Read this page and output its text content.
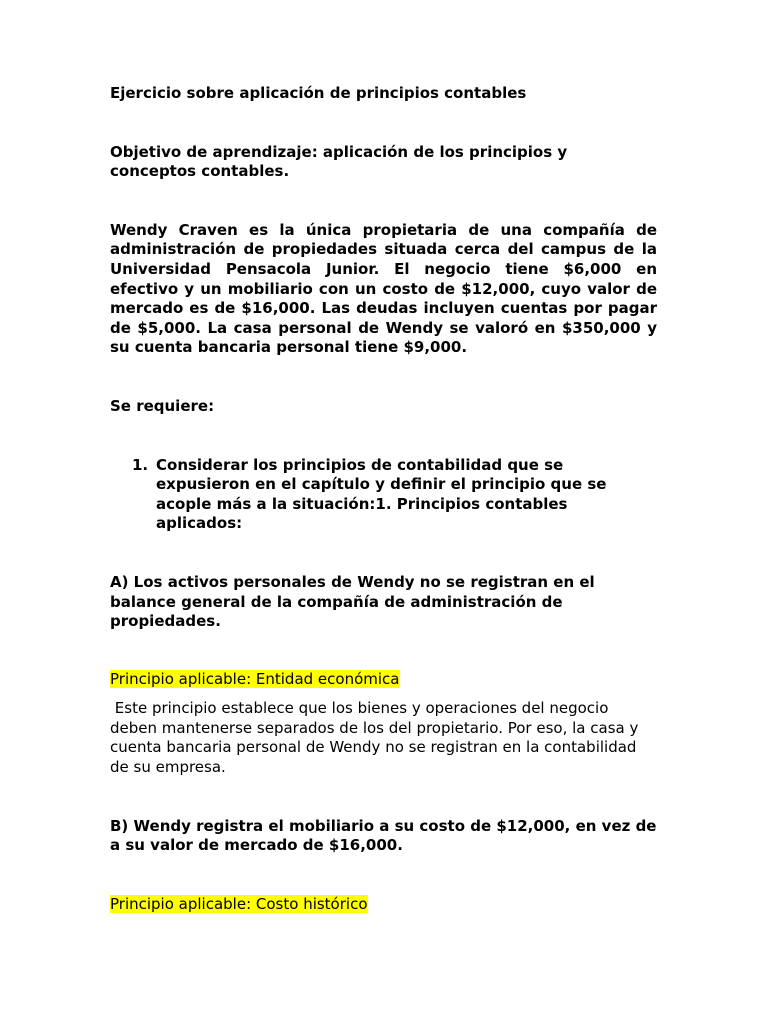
Ejercicio sobre aplicación de principios contables

Objetivo de aprendizaje: aplicación de los principios y conceptos contables.

Wendy Craven es la única propietaria de una compañía de administración de propiedades situada cerca del campus de la Universidad Pensacola Junior. El negocio tiene $6,000 en efectivo y un mobiliario con un costo de $12,000, cuyo valor de mercado es de $16,000. Las deudas incluyen cuentas por pagar de $5,000. La casa personal de Wendy se valoró en $350,000 y su cuenta bancaria personal tiene $9,000.

Se requiere:

1. Considerar los principios de contabilidad que se expusieron en el capítulo y definir el principio que se acople más a la situación:1. Principios contables aplicados:

A) Los activos personales de Wendy no se registran en el balance general de la compañía de administración de propiedades.

Principio aplicable: Entidad económica

Este principio establece que los bienes y operaciones del negocio deben mantenerse separados de los del propietario. Por eso, la casa y cuenta bancaria personal de Wendy no se registran en la contabilidad de su empresa.

B) Wendy registra el mobiliario a su costo de $12,000, en vez de a su valor de mercado de $16,000.

Principio aplicable: Costo histórico
